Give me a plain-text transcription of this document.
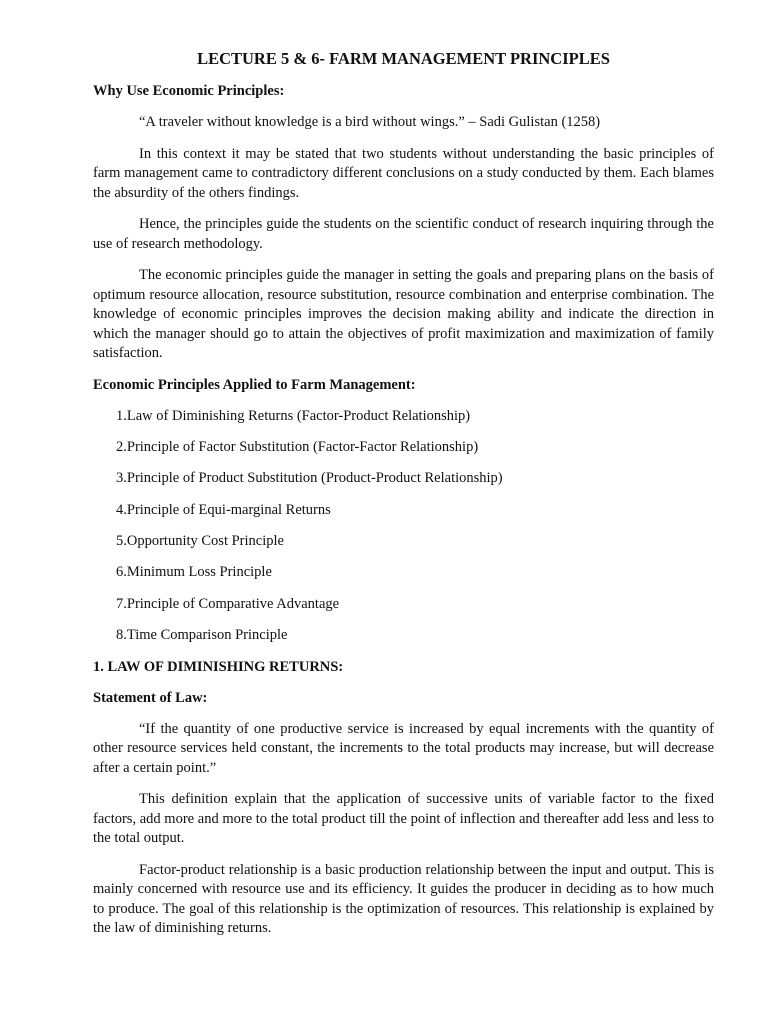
LECTURE 5 & 6- FARM MANAGEMENT PRINCIPLES
Why Use Economic Principles:
“A traveler without knowledge is a bird without wings.” – Sadi Gulistan (1258)
In this context it may be stated that two students without understanding the basic principles of farm management came to contradictory different conclusions on a study conducted by them. Each blames the absurdity of the others findings.
Hence, the principles guide the students on the scientific conduct of research inquiring through the use of research methodology.
The economic principles guide the manager in setting the goals and preparing plans on the basis of optimum resource allocation, resource substitution, resource combination and enterprise combination. The knowledge of economic principles improves the decision making ability and indicate the direction in which the manager should go to attain the objectives of profit maximization and maximization of family satisfaction.
Economic Principles Applied to Farm Management:
1.Law of Diminishing Returns (Factor-Product Relationship)
2.Principle of Factor Substitution (Factor-Factor Relationship)
3.Principle of Product Substitution (Product-Product Relationship)
4.Principle of Equi-marginal Returns
5.Opportunity Cost Principle
6.Minimum Loss Principle
7.Principle of Comparative Advantage
8.Time Comparison Principle
1. LAW OF DIMINISHING RETURNS:
Statement of Law:
“If the quantity of one productive service is increased by equal increments with the quantity of other resource services held constant, the increments to the total products may increase, but will decrease after a certain point.”
This definition explain that the application of successive units of variable factor to the fixed factors, add more and more to the total product till the point of inflection and thereafter add less and less to the total output.
Factor-product relationship is a basic production relationship between the input and output. This is mainly concerned with resource use and its efficiency. It guides the producer in deciding as to how much to produce. The goal of this relationship is the optimization of resources. This relationship is explained by the law of diminishing returns.
